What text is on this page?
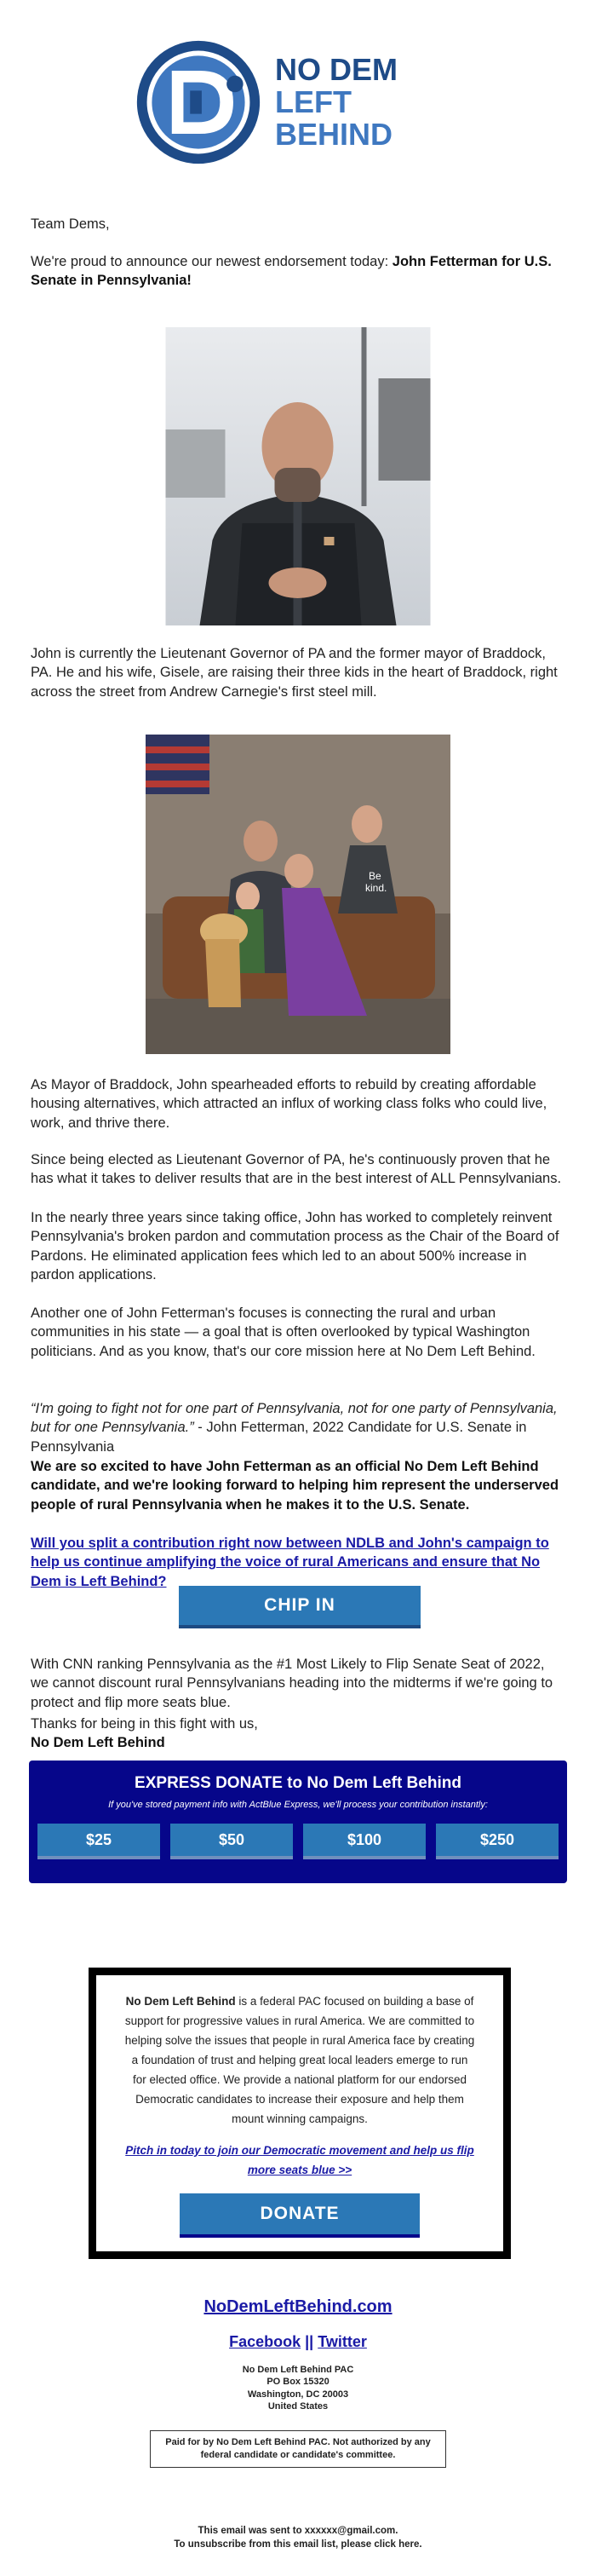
NO DEM
LEFT BEHIND
Team Dems,
We're proud to announce our newest endorsement today: John Fetterman for U.S. Senate in Pennsylvania!
John is currently the Lieutenant Governor of PA and the former mayor of Braddock, PA. He and his wife, Gisele, are raising their three kids in the heart of Braddock, right across the street from Andrew Carnegie's first steel mill.
Be
kind.
As Mayor of Braddock, John spearheaded efforts to rebuild by creating affordable housing alternatives, which attracted an influx of working class folks who could live, work, and thrive there.
Since being elected as Lieutenant Governor of PA, he's continuously proven that he has what it takes to deliver results that are in the best interest of ALL Pennsylvanians.
In the nearly three years since taking office, John has worked to completely reinvent Pennsylvania's broken pardon and commutation process as the Chair of the Board of Pardons. He eliminated application fees which led to an about 500% increase in pardon applications.
Another one of John Fetterman's focuses is connecting the rural and urban communities in his state — a goal that is often overlooked by typical Washington politicians. And as you know, that's our core mission here at No Dem Left Behind.
“I'm going to fight not for one part of Pennsylvania, not for one party of Pennsylvania, but for one Pennsylvania.” - John Fetterman, 2022 Candidate for U.S. Senate in Pennsylvania
We are so excited to have John Fetterman as an official No Dem Left Behind candidate, and we're looking forward to helping him represent the underserved people of rural Pennsylvania when he makes it to the U.S. Senate.
Will you split a contribution right now between NDLB and John's campaign to help us continue amplifying the voice of rural Americans and ensure that No Dem is Left Behind?
CHIP IN
With CNN ranking Pennsylvania as the #1 Most Likely to Flip Senate Seat of 2022, we cannot discount rural Pennsylvanians heading into the midterms if we're going to protect and flip more seats blue.
Thanks for being in this fight with us,
No Dem Left Behind
EXPRESS DONATE to No Dem Left Behind
If you've stored payment info with ActBlue Express, we'll process your contribution instantly:
$25	$50	$100	$250
No Dem Left Behind is a federal PAC focused on building a base of support for progressive values in rural America. We are committed to helping solve the issues that people in rural America face by creating a foundation of trust and helping great local leaders emerge to run for elected office. We provide a national platform for our endorsed Democratic candidates to increase their exposure and help them mount winning campaigns.
Pitch in today to join our Democratic movement and help us flip more seats blue >>
DONATE
NoDemLeftBehind.com
Facebook || Twitter
No Dem Left Behind PAC
PO Box 15320
Washington, DC 20003
United States
Paid for by No Dem Left Behind PAC. Not authorized by any federal candidate or candidate's committee.
This email was sent to xxxxxx@gmail.com.
To unsubscribe from this email list, please click here.
